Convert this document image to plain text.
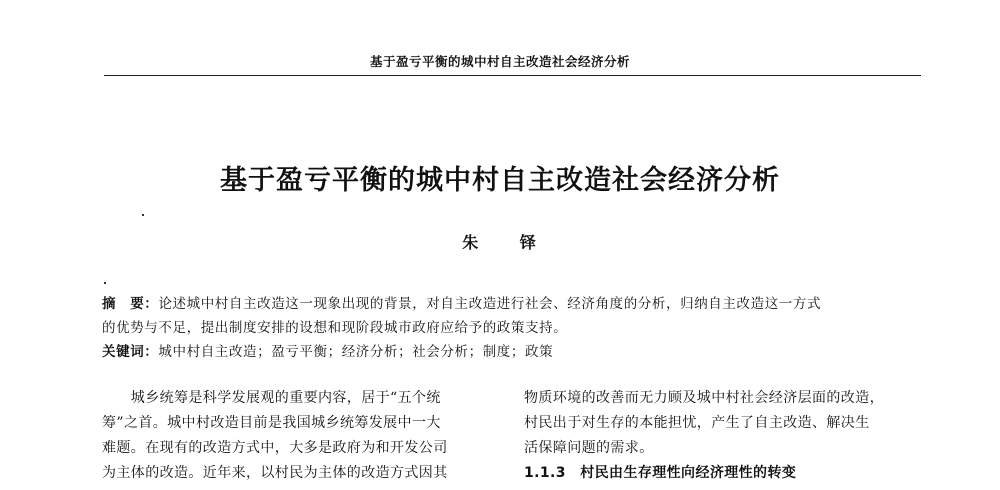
基于盈亏平衡的城中村自主改造社会经济分析
基于盈亏平衡的城中村自主改造社会经济分析
朱 铎
摘　要：论述城中村自主改造这一现象出现的背景，对自主改造进行社会、经济角度的分析，归纳自主改造这一方式
的优势与不足，提出制度安排的设想和现阶段城市政府应给予的政策支持。
关键词：城中村自主改造；盈亏平衡；经济分析；社会分析；制度；政策
　　城乡统筹是科学发展观的重要内容，居于“五个统
筹”之首。城中村改造目前是我国城乡统筹发展中一大
难题。在现有的改造方式中，大多是政府为和开发公司
为主体的改造。近年来，以村民为主体的改造方式因其
物质环境的改善而无力顾及城中村社会经济层面的改造，
村民出于对生存的本能担忧，产生了自主改造、解决生
活保障问题的需求。
1.1.3　村民由生存理性向经济理性的转变
